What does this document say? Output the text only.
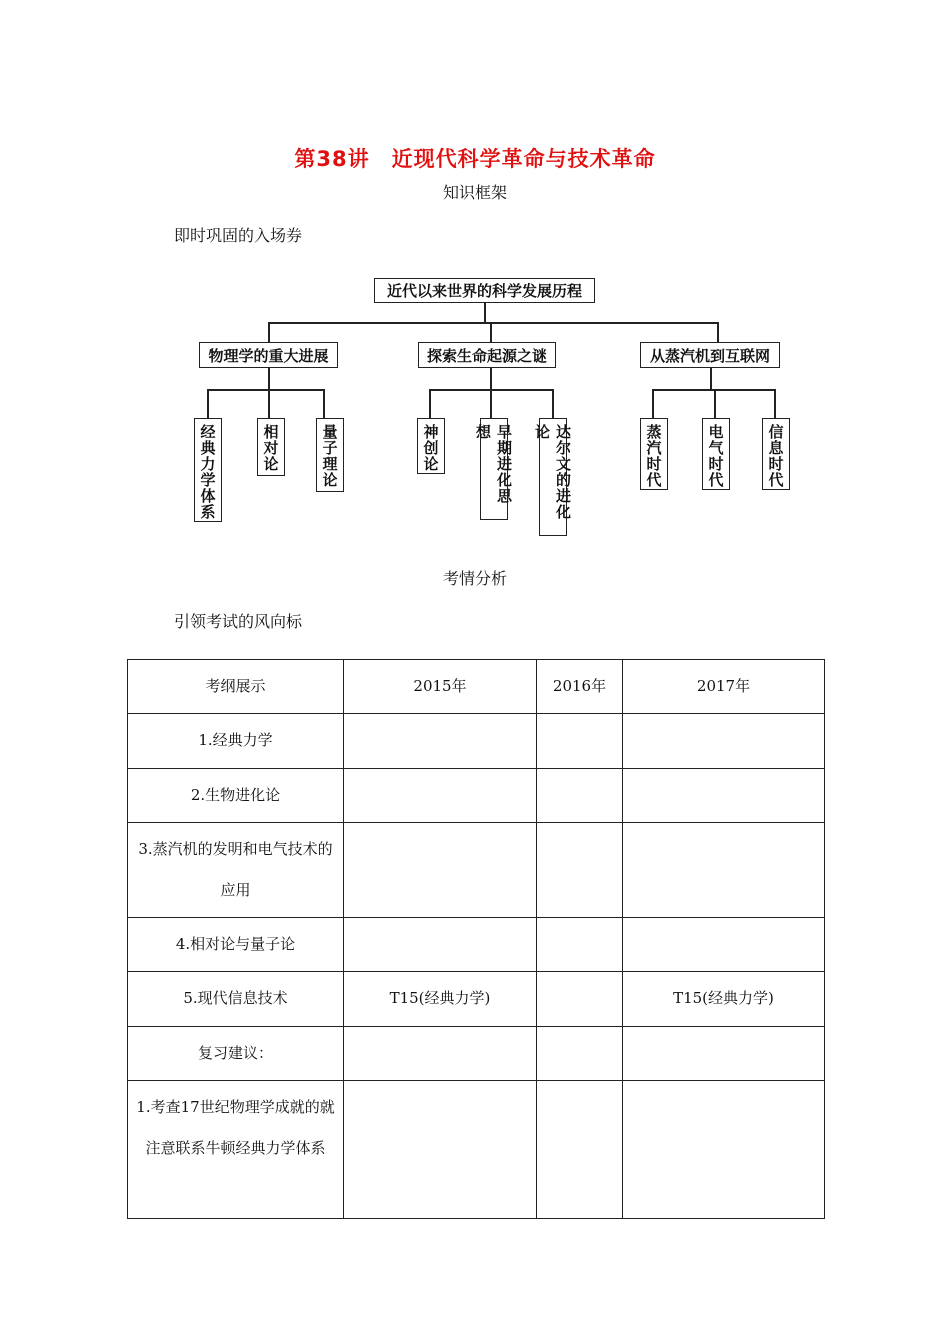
第38讲　近现代科学革命与技术革命
知识框架
即时巩固的入场券
近代以来世界的科学发展历程
物理学的重大进展	探索生命起源之谜	从蒸汽机到互联网
经典力学体系	相对论	量子理论	神创论	早期进化思想	达尔文的进化论	蒸汽时代	电气时代	信息时代
考情分析
引领考试的风向标
考纲展示	2015年	2016年	2017年
1.经典力学			
2.生物进化论			
3.蒸汽机的发明和电气技术的应用			
4.相对论与量子论			
5.现代信息技术	T15(经典力学)		T15(经典力学)
复习建议：			
1.考查17世纪物理学成就的就注意联系牛顿经典力学体系			
